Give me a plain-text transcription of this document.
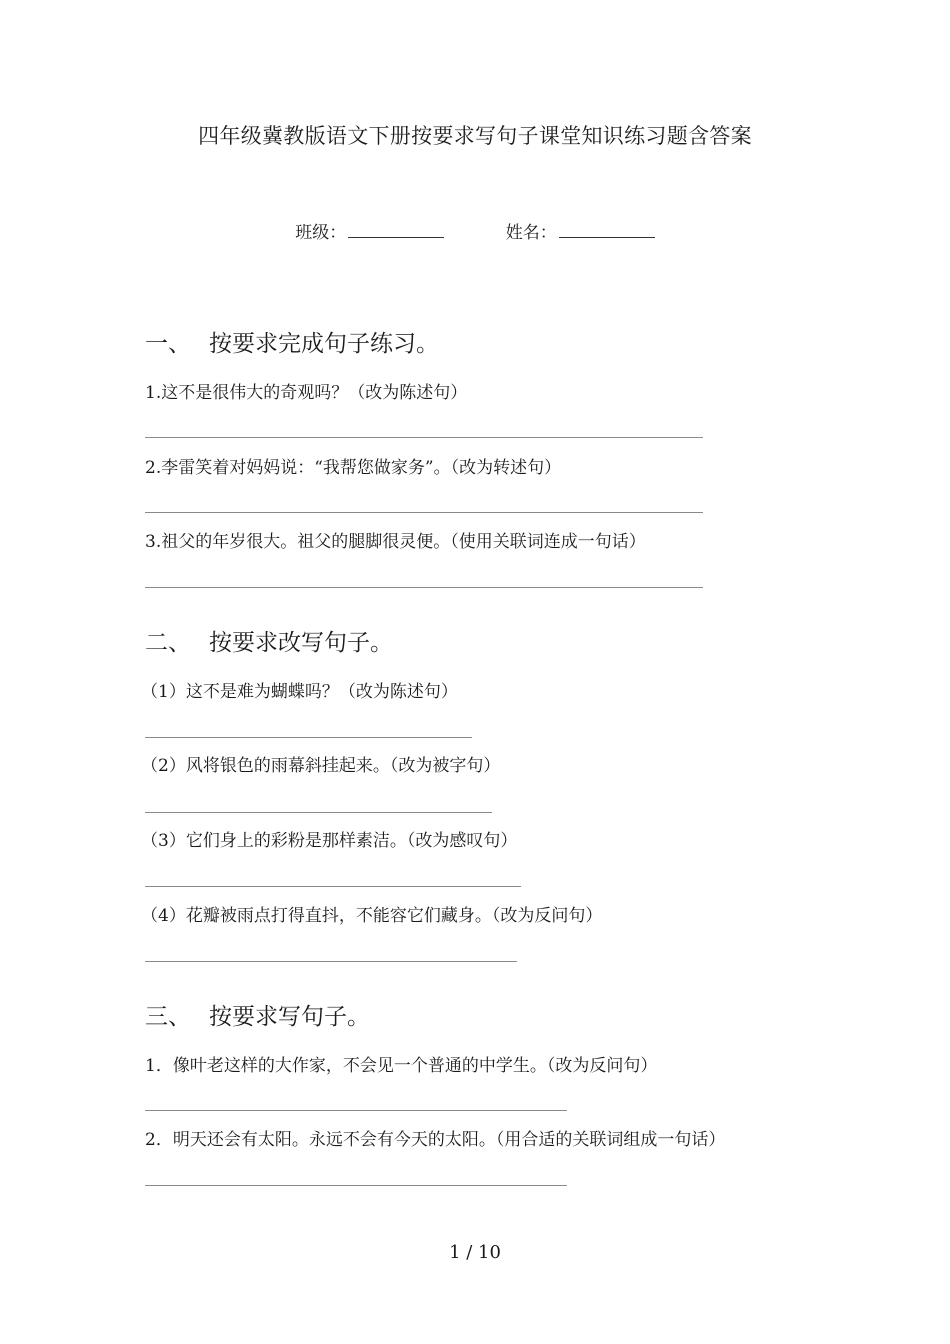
四年级冀教版语文下册按要求写句子课堂知识练习题含答案
班级：	姓名：
一、 按要求完成句子练习。
1.这不是很伟大的奇观吗？（改为陈述句）
2.李雷笑着对妈妈说：“我帮您做家务”。（改为转述句）
3.祖父的年岁很大。祖父的腿脚很灵便。（使用关联词连成一句话）
二、 按要求改写句子。
（1）这不是难为蝴蝶吗？（改为陈述句）
（2）风将银色的雨幕斜挂起来。（改为被字句）
（3）它们身上的彩粉是那样素洁。（改为感叹句）
（4）花瓣被雨点打得直抖，不能容它们藏身。（改为反问句）
三、 按要求写句子。
1．像叶老这样的大作家，不会见一个普通的中学生。（改为反问句）
2．明天还会有太阳。永远不会有今天的太阳。（用合适的关联词组成一句话）
1 / 10
